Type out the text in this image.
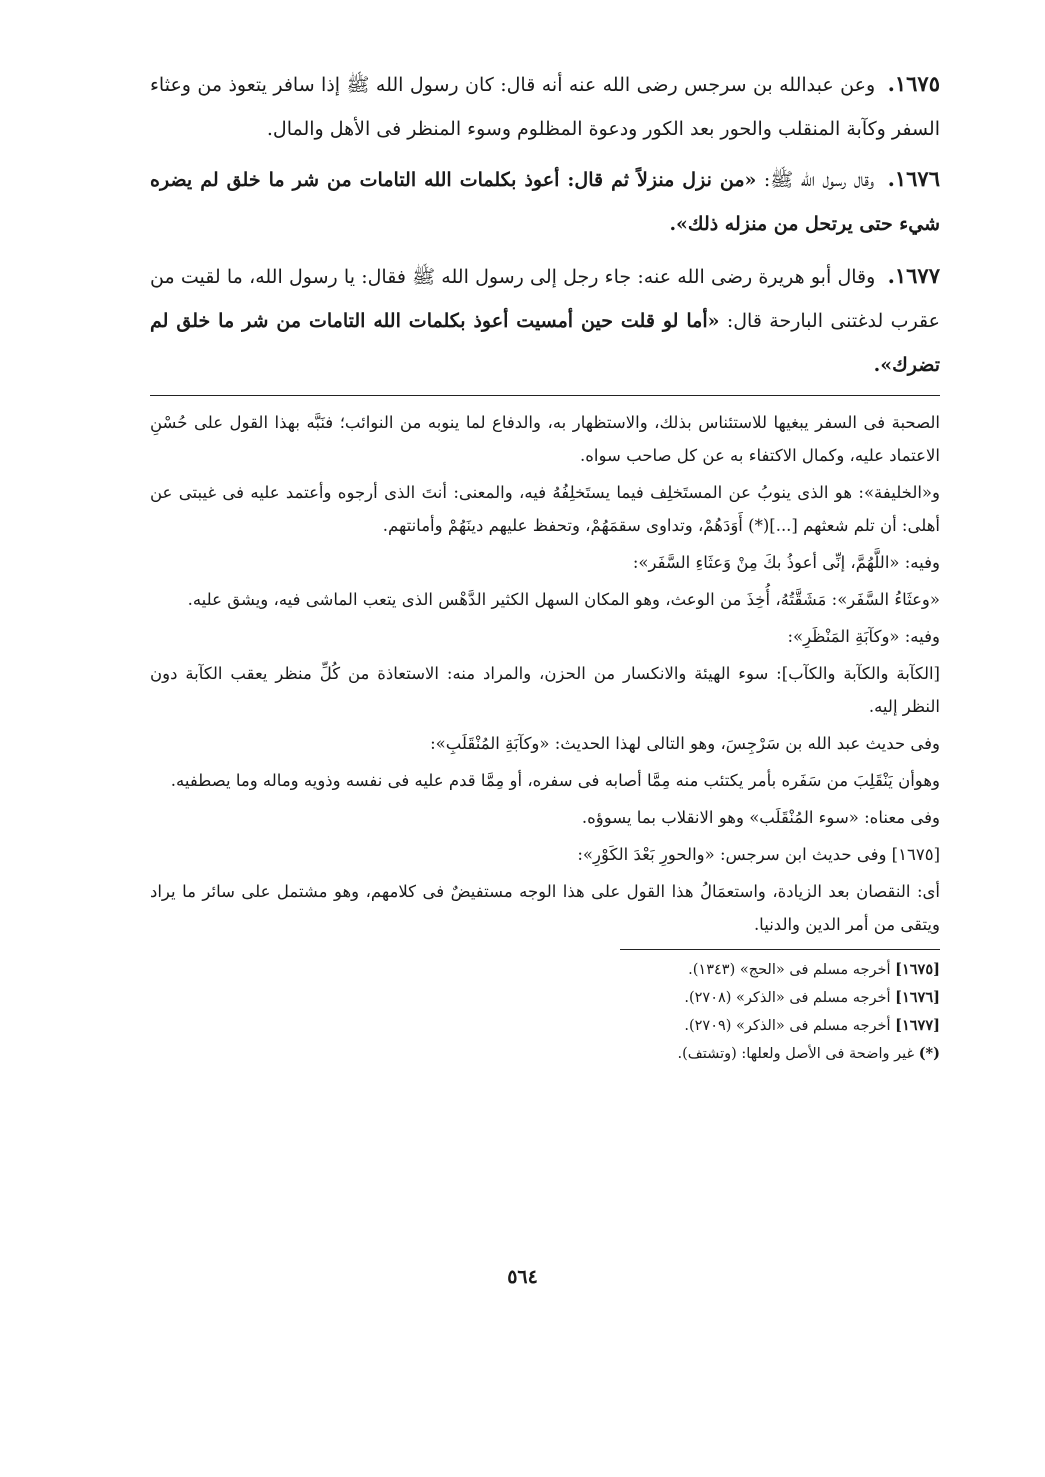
١٦٧٥. وعن عبدالله بن سرجس رضى الله عنه أنه قال: كان رسول الله ﷺ إذا سافر يتعوذ من وعثاء السفر وكآبة المنقلب والحور بعد الكور ودعوة المظلوم وسوء المنظر فى الأهل والمال.

١٦٧٦. وقال رسول الله ﷺ: «من نزل منزلاً ثم قال: أعوذ بكلمات الله التامات من شر ما خلق لم يضره شيء حتى يرتحل من منزله ذلك».

١٦٧٧. وقال أبو هريرة رضى الله عنه: جاء رجل إلى رسول الله ﷺ فقال: يا رسول الله، ما لقيت من عقرب لدغتنى البارحة قال: «أما لو قلت حين أمسيت أعوذ بكلمات الله التامات من شر ما خلق لم تضرك».

الصحبة فى السفر يبغيها للاستئناس بذلك، والاستظهار به، والدفاع لما ينوبه من النوائب؛ فنَبَّه بهذا القول على حُسْنِ الاعتماد عليه، وكمال الاكتفاء به عن كل صاحب سواه.

و«الخليفة»: هو الذى ينوبُ عن المستَخلِف فيما يستَخلِفُهُ فيه، والمعنى: أنتَ الذى أرجوه وأعتمد عليه فى غيبتى عن أهلى: أن تلم شعثهم [...](*) أَوَدَهُمْ، وتداوى سقمَهُمْ، وتحفظ عليهم دينَهُمْ وأمانتهم.

وفيه: «اللَّهُمَّ، إنِّى أعوذُ بكَ مِنْ وَعثَاءِ السَّفَر»:

«وعثَاءُ السَّفَر»: مَشَقَّتُهُ، أُخِذَ من الوعث، وهو المكان السهل الكثير الدَّهْس الذى يتعب الماشى فيه، ويشق عليه.

وفيه: «وكآبَةِ المَنْظَرِ»:

[الكآبة والكآبة والكآب]: سوء الهيئة والانكسار من الحزن، والمراد منه: الاستعاذة من كُلِّ منظر يعقب الكآبة دون النظر إليه.

وفى حديث عبد الله بن سَرْجِسَ، وهو التالى لهذا الحديث: «وكآبَةِ المُنْقَلَبِ»:

وهوأن يَنْقَلِبَ من سَفَره بأمر يكتئب منه مِمَّا أصابه فى سفره، أو مِمَّا قدم عليه فى نفسه وذويه وماله وما يصطفيه.

وفى معناه: «سوء المُنْقَلَب» وهو الانقلاب بما يسوؤه.

[١٦٧٥] وفى حديث ابن سرجس: «والحورِ بَعْدَ الكَوْرِ»:

أى: النقصان بعد الزيادة، واستعمَالُ هذا القول على هذا الوجه مستفيضٌ فى كلامهم، وهو مشتمل على سائر ما يراد ويتقى من أمر الدين والدنيا.

[١٦٧٥] أخرجه مسلم فى «الحج» (١٣٤٣).

[١٦٧٦] أخرجه مسلم فى «الذكر» (٢٧٠٨).

[١٦٧٧] أخرجه مسلم فى «الذكر» (٢٧٠٩).

(*) غير واضحة فى الأصل ولعلها: (وتشتف).

٥٦٤
